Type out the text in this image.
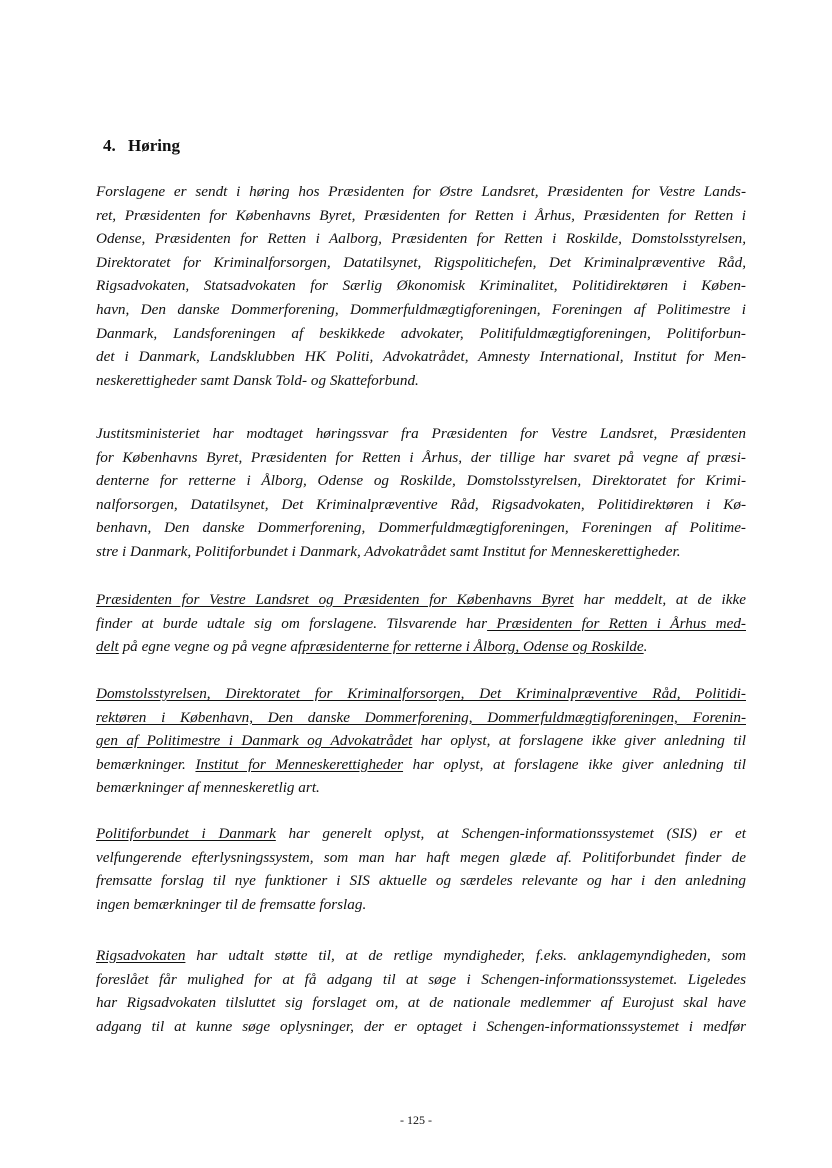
4. Høring

Forslagene er sendt i høring hos Præsidenten for Østre Landsret, Præsidenten for Vestre Lands-
ret, Præsidenten for Københavns Byret, Præsidenten for Retten i Århus, Præsidenten for Retten i
Odense, Præsidenten for Retten i Aalborg, Præsidenten for Retten i Roskilde, Domstolsstyrelsen,
Direktoratet for Kriminalforsorgen, Datatilsynet, Rigspolitichefen, Det Kriminalpræventive Råd,
Rigsadvokaten, Statsadvokaten for Særlig Økonomisk Kriminalitet, Politidirektøren i Køben-
havn, Den danske Dommerforening, Dommerfuldmægtigforeningen, Foreningen af Politimestre i
Danmark, Landsforeningen af beskikkede advokater, Politifuldmægtigforeningen, Politiforbun-
det i Danmark, Landsklubben HK Politi, Advokatrådet, Amnesty International, Institut for Men-
neskerettigheder samt Dansk Told- og Skatteforbund.

Justitsministeriet har modtaget høringssvar fra Præsidenten for Vestre Landsret, Præsidenten
for Københavns Byret, Præsidenten for Retten i Århus, der tillige har svaret på vegne af præsi-
denterne for retterne i Ålborg, Odense og Roskilde, Domstolsstyrelsen, Direktoratet for Krimi-
nalforsorgen, Datatilsynet, Det Kriminalpræventive Råd, Rigsadvokaten, Politidirektøren i Kø-
benhavn, Den danske Dommerforening, Dommerfuldmægtigforeningen, Foreningen af Politime-
stre i Danmark, Politiforbundet i Danmark, Advokatrådet samt Institut for Menneskerettigheder.

Præsidenten for Vestre Landsret og Præsidenten for Københavns Byret har meddelt, at de ikke
finder at burde udtale sig om forslagene. Tilsvarende har Præsidenten for Retten i Århus med-
delt på egne vegne og på vegne afpræsidenterne for retterne i Ålborg, Odense og Roskilde.

Domstolsstyrelsen, Direktoratet for Kriminalforsorgen, Det Kriminalpræventive Råd, Politidi-
rektøren i København, Den danske Dommerforening, Dommerfuldmægtigforeningen, Forenin-
gen af Politimestre i Danmark og Advokatrådet har oplyst, at forslagene ikke giver anledning til
bemærkninger. Institut for Menneskerettigheder har oplyst, at forslagene ikke giver anledning til
bemærkninger af menneskeretlig art.

Politiforbundet i Danmark har generelt oplyst, at Schengen-informationssystemet (SIS) er et
velfungerende efterlysningssystem, som man har haft megen glæde af. Politiforbundet finder de
fremsatte forslag til nye funktioner i SIS aktuelle og særdeles relevante og har i den anledning
ingen bemærkninger til de fremsatte forslag.

Rigsadvokaten har udtalt støtte til, at de retlige myndigheder, f.eks. anklagemyndigheden, som
foreslået får mulighed for at få adgang til at søge i Schengen-informationssystemet. Ligeledes
har Rigsadvokaten tilsluttet sig forslaget om, at de nationale medlemmer af Eurojust skal have
adgang til at kunne søge oplysninger, der er optaget i Schengen-informationssystemet i medfør

- 125 -
